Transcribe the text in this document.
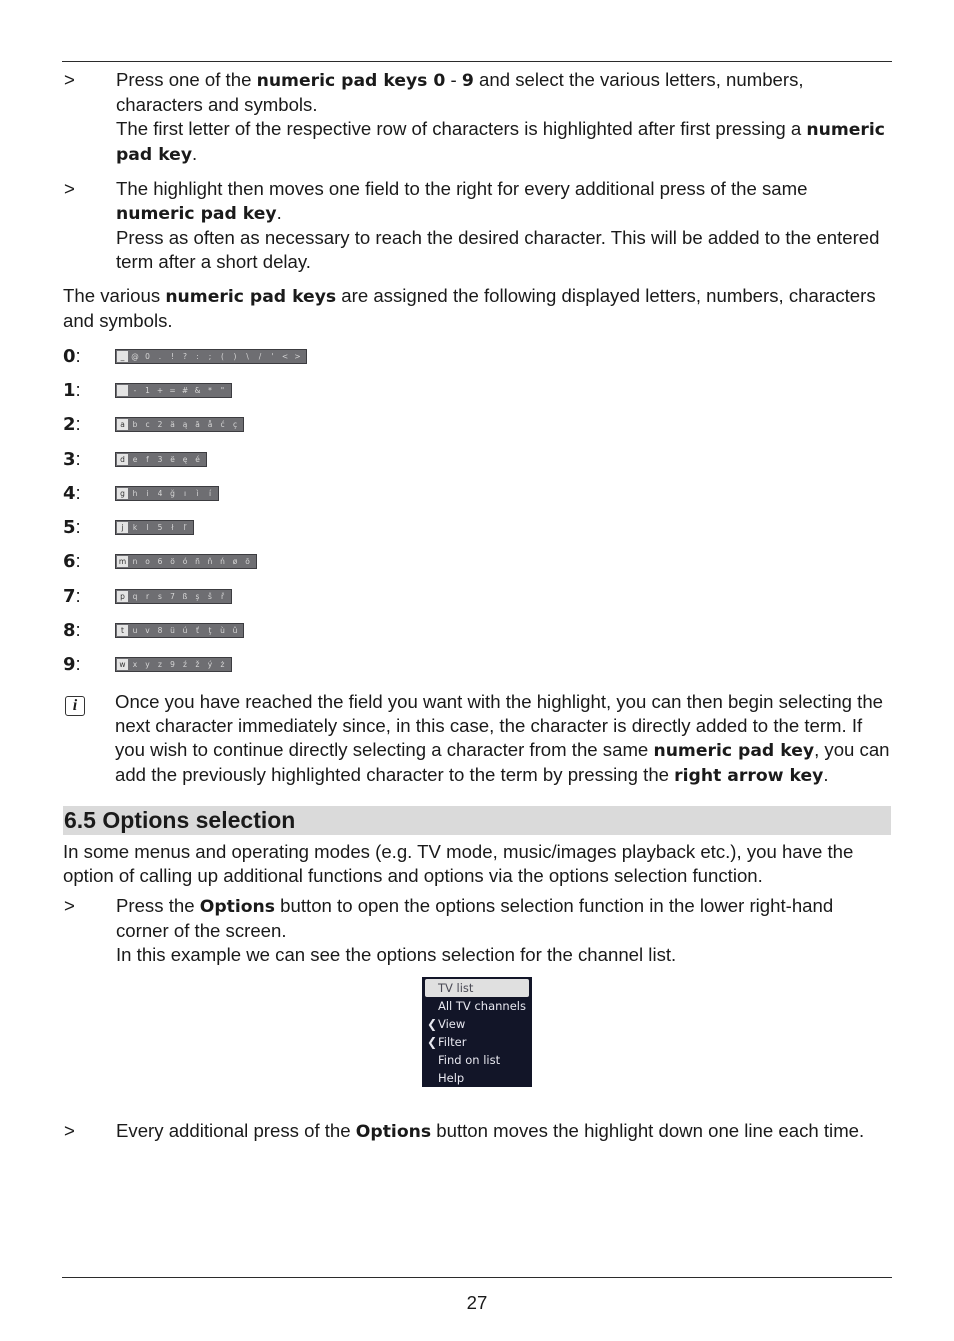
>	Press one of the numeric pad keys 0 - 9 and select the various letters, numbers, characters and symbols.
The first letter of the respective row of characters is highlighted after first pressing a numeric pad key.
>	The highlight then moves one field to the right for every additional press of the same numeric pad key.
Press as often as necessary to reach the desired character. This will be added to the entered term after a short delay.

The various numeric pad keys are assigned the following displayed letters, numbers, characters and symbols.

0:	_ @ 0	.	!	?	:	;	(	)	\	/	'	< >
1:	-	1 + = # &	*	"
2:	a	b	c	2	ä	ą	ā	å	ć	ç
3:	d	e	f	3	ë	ę	é
4:	g	h	i	4	ğ	ı	ì	í
5:	j	k	l	5	ł	ľ
6:	m n	o	6	ö	ó	ñ	ň	ń	ø	õ
7:	p	q	r	s	7	ß	ş	š	ř
8:	t	u	v	8	ü	ú	ť	ţ	ù	û
9:	w x	y	z	9	ź	ž	ý	ż
i	Once you have reached the field you want with the highlight, you can then begin selecting the next character immediately since, in this case, the character is directly added to the term. If you wish to continue directly selecting a character from the same numeric pad key, you can add the previously highlighted character to the term by pressing the right arrow key.
6.5 Options selection

In some menus and operating modes (e.g. TV mode, music/images playback etc.), you have the option of calling up additional functions and options via the options selection function.

>	Press the Options button to open the options selection function in the lower right-hand corner of the screen.
In this example we can see the options selection for the channel list.
TV list
All TV channels
❮ View
❮ Filter
Find on list
Help
>	Every additional press of the Options button moves the highlight down one line each time.
27
